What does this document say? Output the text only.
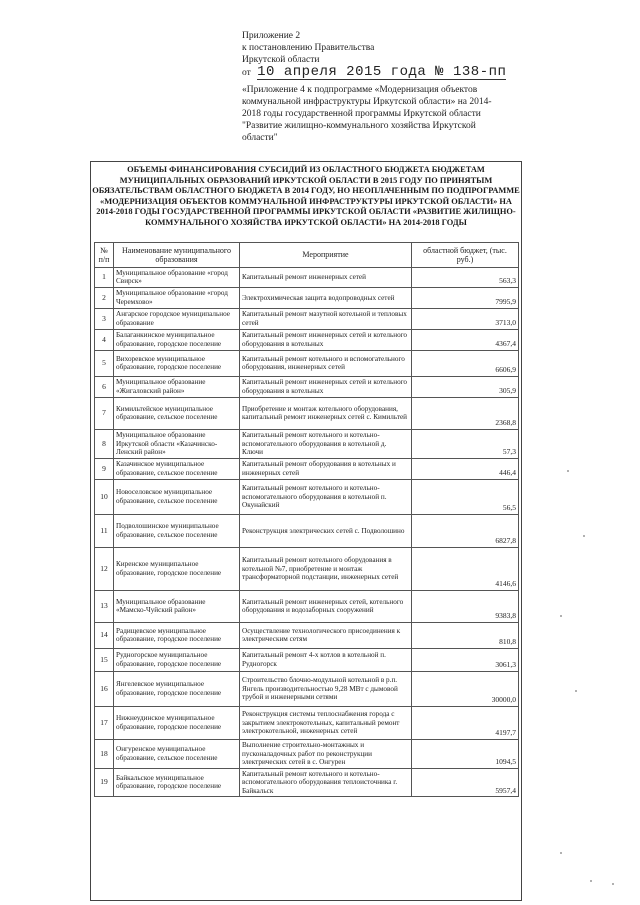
Приложение 2
к постановлению Правительства
Иркутской области
от 10 апреля 2015 года № 138-пп
«Приложение 4 к подпрограмме «Модернизация объектов коммунальной инфраструктуры Иркутской области» на 2014-2018 годы государственной программы Иркутской области "Развитие жилищно-коммунального хозяйства Иркутской области"
ОБЪЕМЫ ФИНАНСИРОВАНИЯ СУБСИДИЙ ИЗ ОБЛАСТНОГО БЮДЖЕТА БЮДЖЕТАМ МУНИЦИПАЛЬНЫХ ОБРАЗОВАНИЙ ИРКУТСКОЙ ОБЛАСТИ В 2015 ГОДУ ПО ПРИНЯТЫМ ОБЯЗАТЕЛЬСТВАМ ОБЛАСТНОГО БЮДЖЕТА В 2014 ГОДУ, НО НЕОПЛАЧЕННЫМ ПО ПОДПРОГРАММЕ «МОДЕРНИЗАЦИЯ ОБЪЕКТОВ КОММУНАЛЬНОЙ ИНФРАСТРУКТУРЫ ИРКУТСКОЙ ОБЛАСТИ» НА 2014-2018 ГОДЫ ГОСУДАРСТВЕННОЙ ПРОГРАММЫ ИРКУТСКОЙ ОБЛАСТИ «РАЗВИТИЕ ЖИЛИЩНО-КОММУНАЛЬНОГО ХОЗЯЙСТВА ИРКУТСКОЙ ОБЛАСТИ» НА 2014-2018 ГОДЫ
№ п/п	Наименование муниципального образования	Мероприятие	областной бюджет, (тыс. руб.)
1	Муниципальное образование «город Свирск»	Капитальный ремонт инженерных сетей	563,3
2	Муниципальное образование «город Черемхово»	Электрохимическая защита водопроводных сетей	7995,9
3	Ангарское городское муниципальное образование	Капитальный ремонт мазутной котельной и тепловых сетей	3713,0
4	Балаганкинское муниципальное образование, городское поселение	Капитальный ремонт инженерных сетей и котельного оборудования в котельных	4367,4
5	Вихоревское муниципальное образование, городское поселение	Капитальный ремонт котельного и вспомогательного оборудования, инженерных сетей	6606,9
6	Муниципальное образование «Жигаловский район»	Капитальный ремонт инженерных сетей и котельного оборудования в котельных	305,9
7	Кимильтейское муниципальное образование, сельское поселение	Приобретение и монтаж котельного оборудования, капитальный ремонт инженерных сетей с. Кимильтей	2368,8
8	Муниципальное образование Иркутской области «Казачинско-Ленский район»	Капитальный ремонт котельного и котельно-вспомогательного оборудования в котельной д. Ключи	57,3
9	Казачинское муниципальное образование, сельское поселение	Капитальный ремонт оборудования в котельных и инженерных сетей	446,4
10	Новоселовское муниципальное образование, сельское поселение	Капитальный ремонт котельного и котельно-вспомогательного оборудования в котельной п. Окунайский	56,5
11	Подволошинское муниципальное образование, сельское поселение	Реконструкция электрических сетей с. Подволошино	6827,8
12	Киренское муниципальное образование, городское поселение	Капитальный ремонт котельного оборудования в котельной №7, приобретение и монтаж трансформаторной подстанции, инженерных сетей	4146,6
13	Муниципальное образование «Мамско-Чуйский район»	Капитальный ремонт инженерных сетей, котельного оборудования и водозаборных сооружений	9383,8
14	Радищевское муниципальное образование, городское поселение	Осуществление технологического присоединения к электрическим сетям	810,8
15	Рудногорское муниципальное образование, городское поселение	Капитальный ремонт 4-х котлов в котельной п. Рудногорск	3061,3
16	Янгелевское муниципальное образование, городское поселение	Строительство блочно-модульной котельной в р.п. Янгель производительностью 9,28 МВт с дымовой трубой и инженерными сетями	30000,0
17	Нижнеудинское муниципальное образование, городское поселение	Реконструкция системы теплоснабжения города с закрытием электрокотельных, капитальный ремонт электрокотельной, инженерных сетей	4197,7
18	Онгуренское муниципальное образование, сельское поселение	Выполнение строительно-монтажных и пусконаладочных работ по реконструкции электрических сетей в с. Онгурен	1094,5
19	Байкальское муниципальное образование, городское поселение	Капитальный ремонт котельного и котельно-вспомогательного оборудования теплоисточника г. Байкальск	5957,4
